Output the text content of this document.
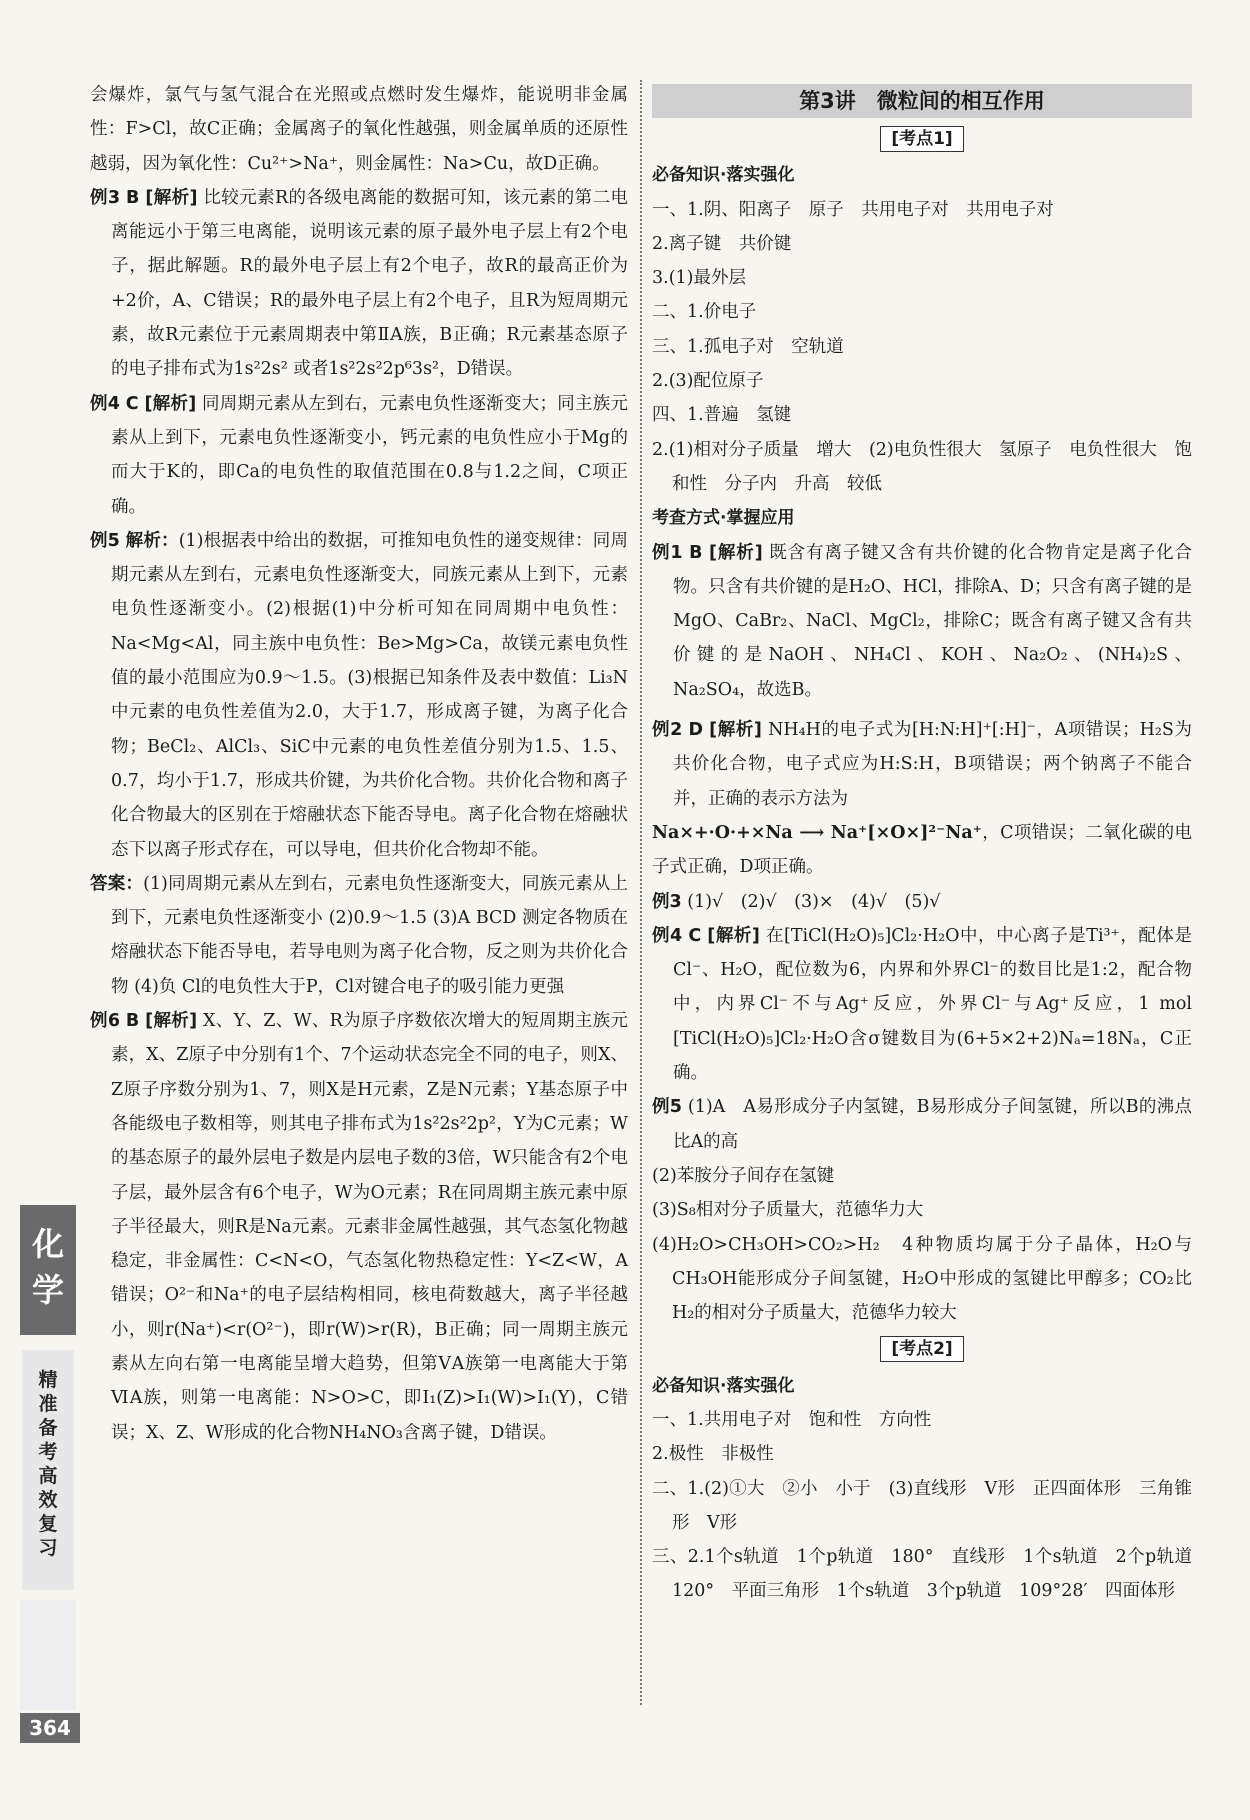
会爆炸，氯气与氢气混合在光照或点燃时发生爆炸，能说明非金属性：F>Cl，故C正确；金属离子的氧化性越强，则金属单质的还原性越弱，因为氧化性：Cu²⁺>Na⁺，则金属性：Na>Cu，故D正确。

例3 B [解析] 比较元素R的各级电离能的数据可知，该元素的第二电离能远小于第三电离能，说明该元素的原子最外电子层上有2个电子，据此解题。R的最外电子层上有2个电子，故R的最高正价为+2价，A、C错误；R的最外电子层上有2个电子，且R为短周期元素，故R元素位于元素周期表中第ⅡA族，B正确；R元素基态原子的电子排布式为1s²2s² 或者1s²2s²2p⁶3s²，D错误。

例4 C [解析] 同周期元素从左到右，元素电负性逐渐变大；同主族元素从上到下，元素电负性逐渐变小，钙元素的电负性应小于Mg的而大于K的，即Ca的电负性的取值范围在0.8与1.2之间，C项正确。

例5 解析：(1)根据表中给出的数据，可推知电负性的递变规律：同周期元素从左到右，元素电负性逐渐变大，同族元素从上到下，元素电负性逐渐变小。(2)根据(1)中分析可知在同周期中电负性：Na<Mg<Al，同主族中电负性：Be>Mg>Ca，故镁元素电负性值的最小范围应为0.9～1.5。(3)根据已知条件及表中数值：Li₃N中元素的电负性差值为2.0，大于1.7，形成离子键，为离子化合物；BeCl₂、AlCl₃、SiC中元素的电负性差值分别为1.5、1.5、0.7，均小于1.7，形成共价键，为共价化合物。共价化合物和离子化合物最大的区别在于熔融状态下能否导电。离子化合物在熔融状态下以离子形式存在，可以导电，但共价化合物却不能。

答案：(1)同周期元素从左到右，元素电负性逐渐变大，同族元素从上到下，元素电负性逐渐变小 (2)0.9～1.5 (3)A BCD 测定各物质在熔融状态下能否导电，若导电则为离子化合物，反之则为共价化合物 (4)负 Cl的电负性大于P，Cl对键合电子的吸引能力更强

例6 B [解析] X、Y、Z、W、R为原子序数依次增大的短周期主族元素，X、Z原子中分别有1个、7个运动状态完全不同的电子，则X、Z原子序数分别为1、7，则X是H元素，Z是N元素；Y基态原子中各能级电子数相等，则其电子排布式为1s²2s²2p²，Y为C元素；W的基态原子的最外层电子数是内层电子数的3倍，W只能含有2个电子层，最外层含有6个电子，W为O元素；R在同周期主族元素中原子半径最大，则R是Na元素。元素非金属性越强，其气态氢化物越稳定，非金属性：C<N<O，气态氢化物热稳定性：Y<Z<W，A错误；O²⁻和Na⁺的电子层结构相同，核电荷数越大，离子半径越小，则r(Na⁺)<r(O²⁻)，即r(W)>r(R)，B正确；同一周期主族元素从左向右第一电离能呈增大趋势，但第ⅤA族第一电离能大于第ⅥA族，则第一电离能：N>O>C，即I₁(Z)>I₁(W)>I₁(Y)，C错误；X、Z、W形成的化合物NH₄NO₃含离子键，D错误。

第3讲　微粒间的相互作用
[考点1]

必备知识·落实强化

一、1.阴、阳离子　原子　共用电子对　共用电子对

2.离子键　共价键

3.(1)最外层

二、1.价电子

三、1.孤电子对　空轨道

2.(3)配位原子

四、1.普遍　氢键

2.(1)相对分子质量　增大　(2)电负性很大　氢原子　电负性很大　饱和性　分子内　升高　较低

考查方式·掌握应用

例1 B [解析] 既含有离子键又含有共价键的化合物肯定是离子化合物。只含有共价键的是H₂O、HCl，排除A、D；只含有离子键的是MgO、CaBr₂、NaCl、MgCl₂，排除C；既含有离子键又含有共价键的是NaOH、NH₄Cl、KOH、Na₂O₂、(NH₄)₂S、Na₂SO₄，故选B。

例2 D [解析] NH₄H的电子式为[H:N:H]⁺[:H]⁻，A项错误；H₂S为共价化合物，电子式应为H:S:H，B项错误；两个钠离子不能合并，正确的表示方法为

Na×+·O·+×Na ⟶ Na⁺[×O×]²⁻Na⁺，C项错误；二氧化碳的电子式正确，D项正确。

例3 (1)√　(2)√　(3)×　(4)√　(5)√

例4 C [解析] 在[TiCl(H₂O)₅]Cl₂·H₂O中，中心离子是Ti³⁺，配体是Cl⁻、H₂O，配位数为6，内界和外界Cl⁻的数目比是1:2，配合物中，内界Cl⁻不与Ag⁺反应，外界Cl⁻与Ag⁺反应，1 mol [TiCl(H₂O)₅]Cl₂·H₂O含σ键数目为(6+5×2+2)Nₐ=18Nₐ，C正确。

例5 (1)A　A易形成分子内氢键，B易形成分子间氢键，所以B的沸点比A的高

(2)苯胺分子间存在氢键

(3)S₈相对分子质量大，范德华力大

(4)H₂O>CH₃OH>CO₂>H₂　4种物质均属于分子晶体，H₂O与CH₃OH能形成分子间氢键，H₂O中形成的氢键比甲醇多；CO₂比H₂的相对分子质量大，范德华力较大

[考点2]

必备知识·落实强化

一、1.共用电子对　饱和性　方向性

2.极性　非极性

二、1.(2)①大　②小　小于　(3)直线形　V形　正四面体形　三角锥形　V形

三、2.1个s轨道　1个p轨道　180°　直线形　1个s轨道　2个p轨道　120°　平面三角形　1个s轨道　3个p轨道　109°28′　四面体形

化学
精准备考 高效复习
364
